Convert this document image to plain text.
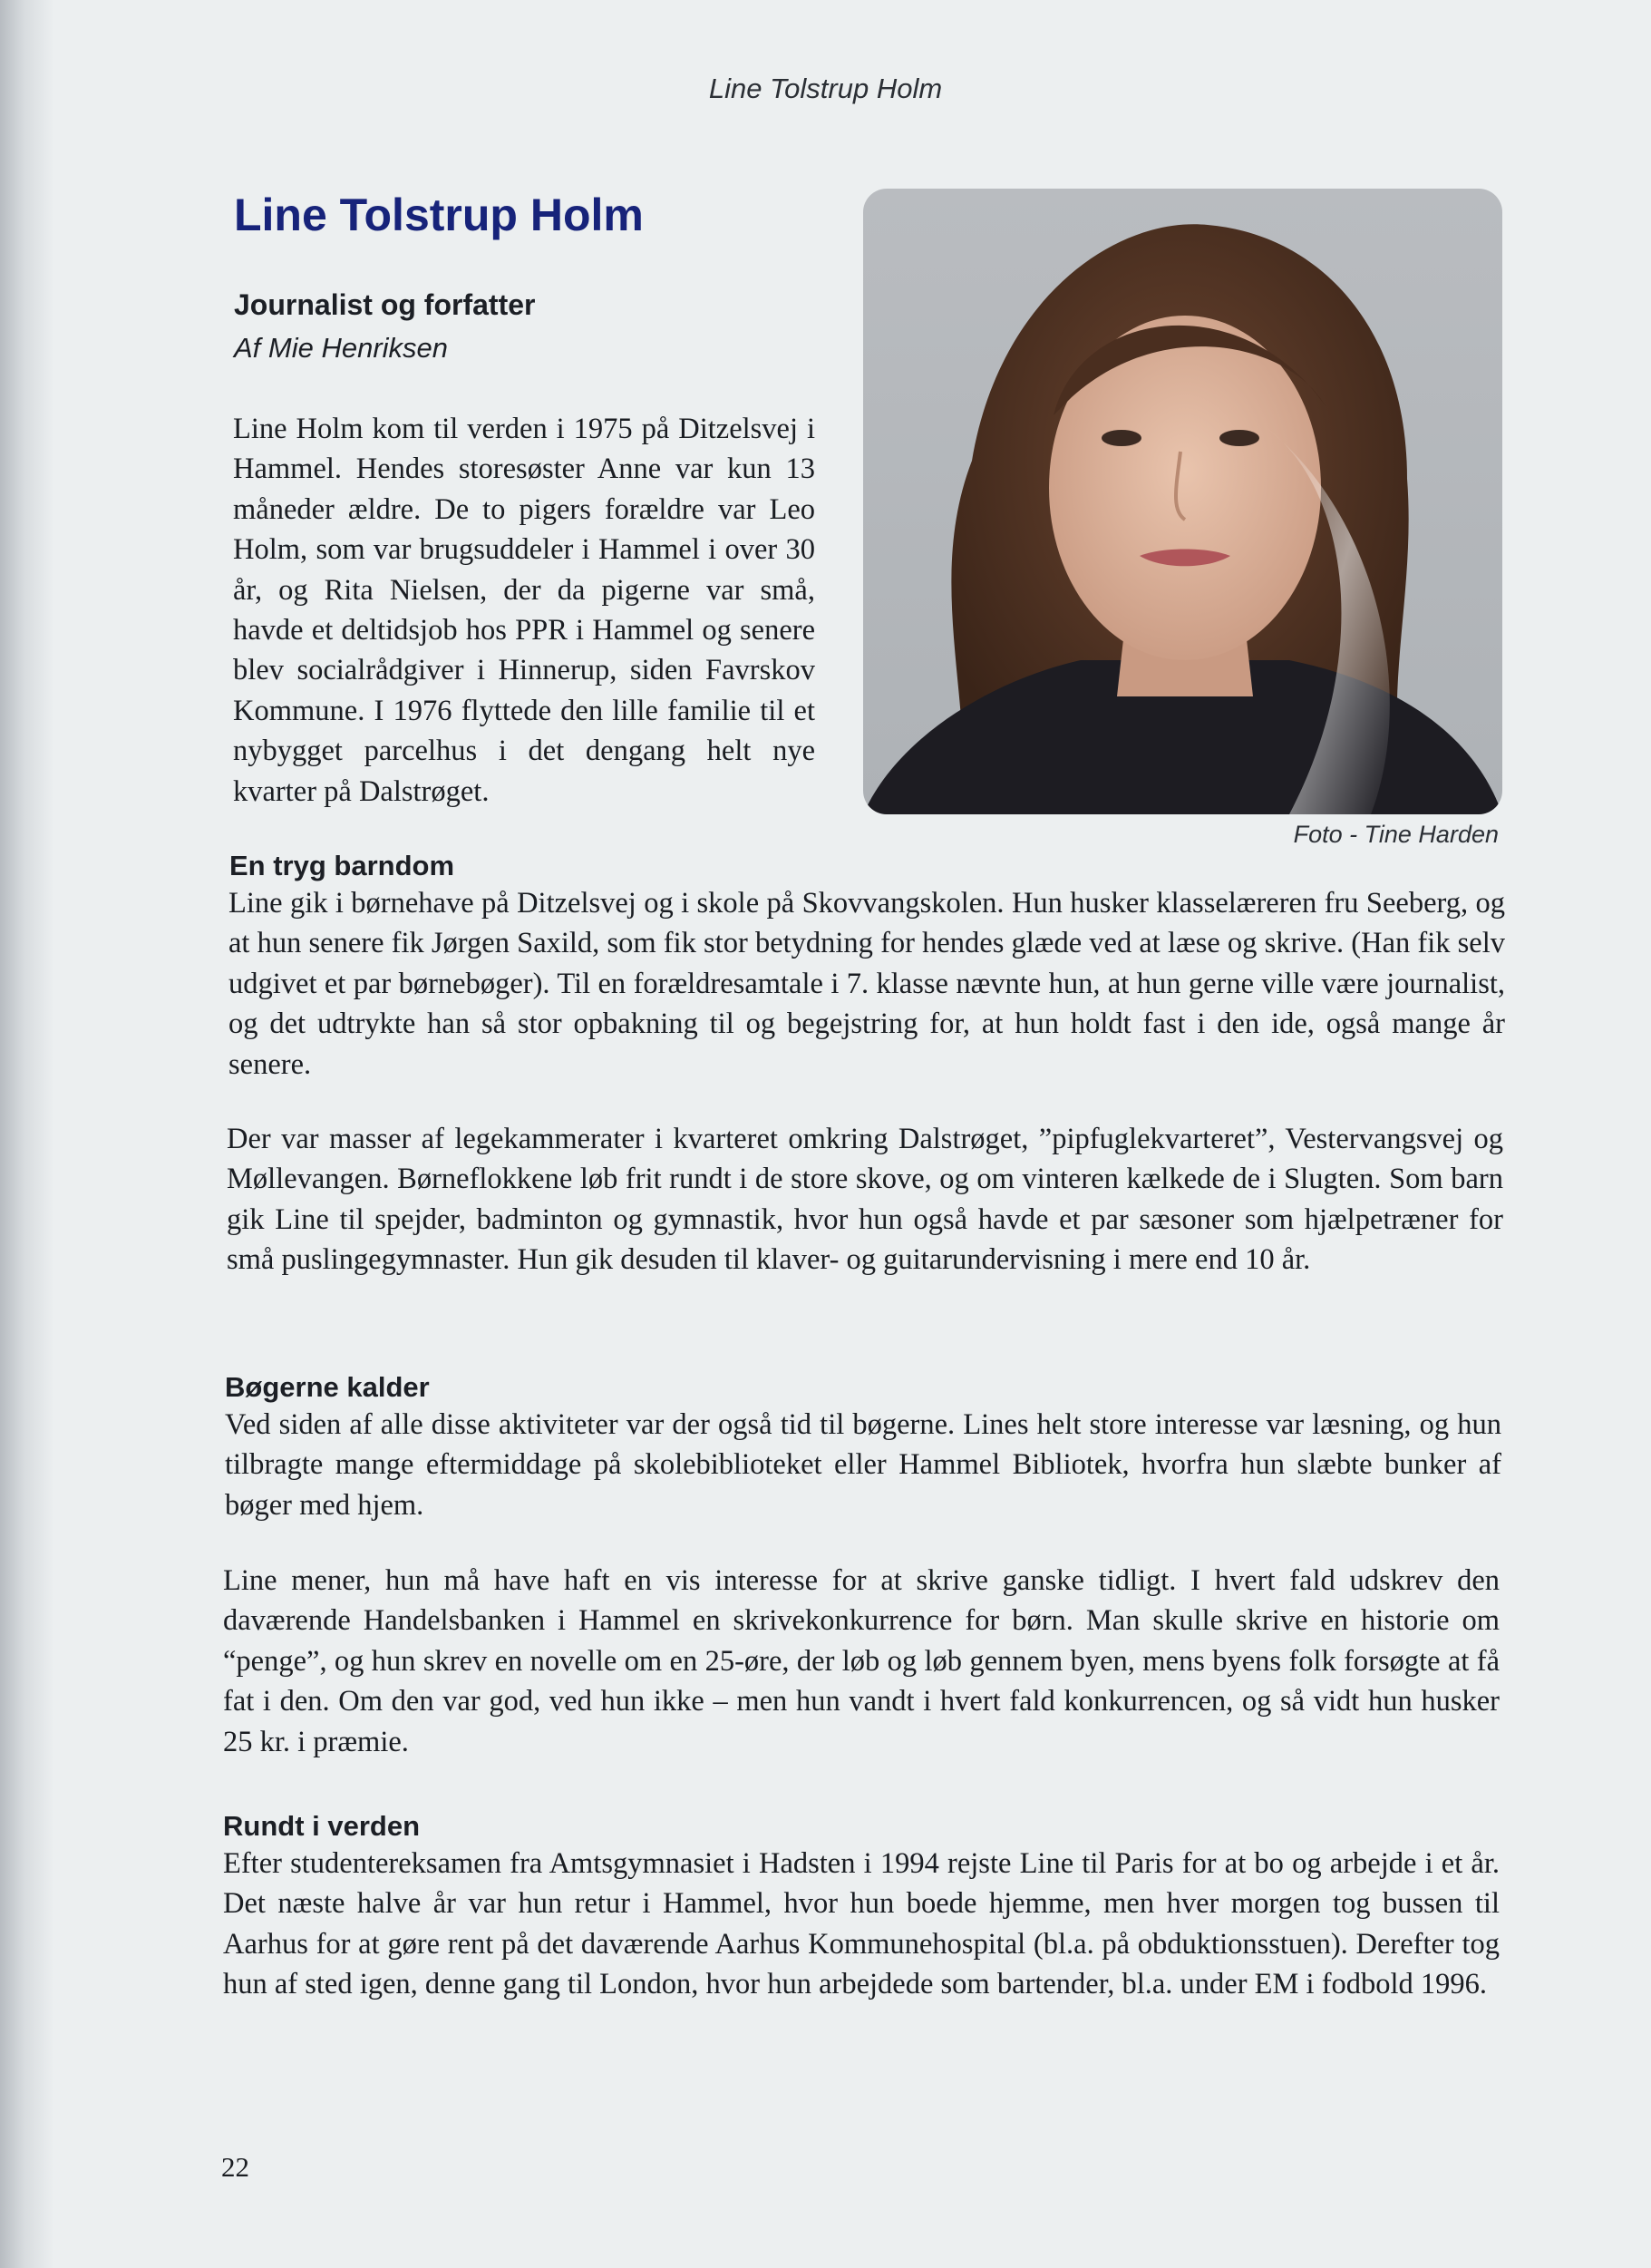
Line Tolstrup Holm
Line Tolstrup Holm
Journalist og forfatter
Af Mie Henriksen

Line Holm kom til verden i 1975 på Ditzelsvej i Hammel. Hendes storesøster Anne var kun 13 måneder ældre. De to pigers forældre var Leo Holm, som var brugsuddeler i Hammel i over 30 år, og Rita Nielsen, der da pigerne var små, havde et deltidsjob hos PPR i Hammel og senere blev socialrådgiver i Hinnerup, siden Favrskov Kommune. I 1976 flyttede den lille familie til et nybygget parcelhus i det dengang helt nye kvarter på Dalstrøget.

Foto - Tine Harden
En tryg barndom

Line gik i børnehave på Ditzelsvej og i skole på Skovvangskolen. Hun husker klasselæreren fru Seeberg, og at hun senere fik Jørgen Saxild, som fik stor betydning for hendes glæde ved at læse og skrive. (Han fik selv udgivet et par børnebøger). Til en forældresamtale i 7. klasse nævnte hun, at hun gerne ville være journalist, og det udtrykte han så stor opbakning til og begejstring for, at hun holdt fast i den ide, også mange år senere.

Der var masser af legekammerater i kvarteret omkring Dalstrøget, ”pipfuglekvarteret”, Vestervangsvej og Møllevangen. Børneflokkene løb frit rundt i de store skove, og om vinteren kælkede de i Slugten. Som barn gik Line til spejder, badminton og gymnastik, hvor hun også havde et par sæsoner som hjælpetræner for små puslingegymnaster. Hun gik desuden til klaver- og guitarundervisning i mere end 10 år.

Bøgerne kalder

Ved siden af alle disse aktiviteter var der også tid til bøgerne. Lines helt store interesse var læsning, og hun tilbragte mange eftermiddage på skolebiblioteket eller Hammel Bibliotek, hvorfra hun slæbte bunker af bøger med hjem.

Line mener, hun må have haft en vis interesse for at skrive ganske tidligt. I hvert fald udskrev den daværende Handelsbanken i Hammel en skrivekonkurrence for børn. Man skulle skrive en historie om “penge”, og hun skrev en novelle om en 25-øre, der løb og løb gennem byen, mens byens folk forsøgte at få fat i den. Om den var god, ved hun ikke – men hun vandt i hvert fald konkurrencen, og så vidt hun husker 25 kr. i præmie.

Rundt i verden

Efter studentereksamen fra Amtsgymnasiet i Hadsten i 1994 rejste Line til Paris for at bo og arbejde i et år. Det næste halve år var hun retur i Hammel, hvor hun boede hjemme, men hver morgen tog bussen til Aarhus for at gøre rent på det daværende Aarhus Kommunehospital (bl.a. på obduktionsstuen). Derefter tog hun af sted igen, denne gang til London, hvor hun arbejdede som bartender, bl.a. under EM i fodbold 1996.

22
